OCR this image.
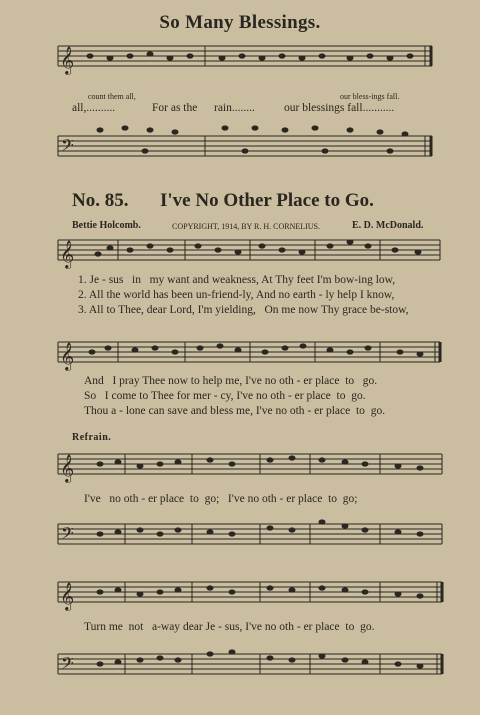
So Many Blessings.
𝄞
count them all,	our bless-ings fall.
all,..........	For as the rain........	our blessings fall...........
𝄢
No. 85. I've No Other Place to Go.
Bettie Holcomb.	COPYRIGHT, 1914, BY R. H. CORNELIUS.	E. D. McDonald.
𝄞
1. Je - sus in my want and weakness, At Thy feet I'm bow-ing low,
2. All the world has been un-friend-ly, And no earth - ly help I know,
3. All to Thee, dear Lord, I'm yielding, On me now Thy grace be-stow,
𝄞
And I pray Thee now to help me, I've no oth - er place to go.
So I come to Thee for mer - cy, I've no oth - er place to go.
Thou a - lone can save and bless me, I've no oth - er place to go.
Refrain.
𝄞
I've no oth - er place to go; I've no oth - er place to go;
𝄢
𝄞
Turn me not a-way dear Je - sus, I've no oth - er place to go.
𝄢
